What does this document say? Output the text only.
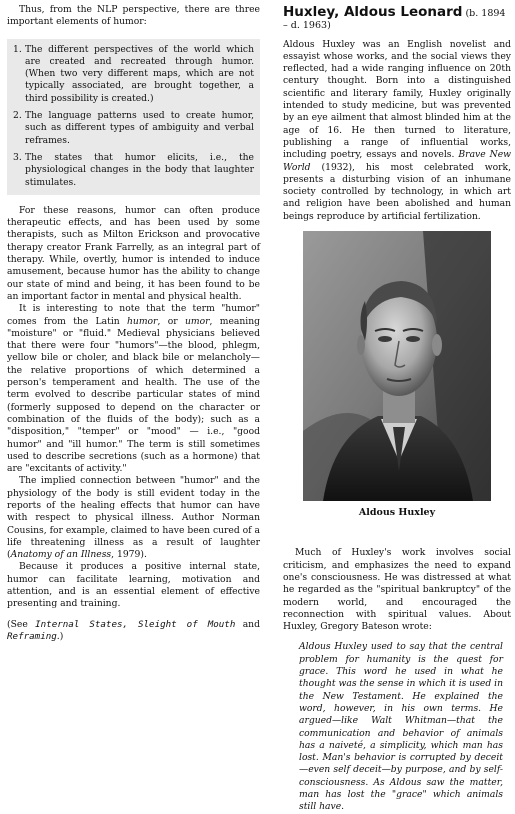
Thus, from the NLP perspective, there are three important elements of humor:

1. The different perspectives of the world which are created and recreated through humor. (When two very different maps, which are not typically associated, are brought together, a third possibility is created.)
2. The language patterns used to create humor, such as different types of ambiguity and verbal reframes.
3. The states that humor elicits, i.e., the physiological changes in the body that laughter stimulates.

For these reasons, humor can often produce therapeutic effects, and has been used by some therapists, such as Milton Erickson and provocative therapy creator Frank Farrelly, as an integral part of therapy. While, overtly, humor is intended to induce amusement, because humor has the ability to change our state of mind and being, it has been found to be an important factor in mental and physical health.

It is interesting to note that the term "humor" comes from the Latin humor, or umor, meaning "moisture" or "fluid." Medieval physicians believed that there were four "humors"—the blood, phlegm, yellow bile or choler, and black bile or melancholy—the relative proportions of which determined a person's temperament and health. The use of the term evolved to describe particular states of mind (formerly supposed to depend on the character or combination of the fluids of the body); such as a "disposition," "temper" or "mood" — i.e., "good humor" and "ill humor." The term is still sometimes used to describe secretions (such as a hormone) that are "excitants of activity."

The implied connection between "humor" and the physiology of the body is still evident today in the reports of the healing effects that humor can have with respect to physical illness. Author Norman Cousins, for example, claimed to have been cured of a life threatening illness as a result of laughter (Anatomy of an Illness, 1979).

Because it produces a positive internal state, humor can facilitate learning, motivation and attention, and is an essential element of effective presenting and training.

(See Internal States, Sleight of Mouth and Reframing.)

Huxley, Aldous Leonard (b. 1894 – d. 1963)

Aldous Huxley was an English novelist and essayist whose works, and the social views they reflected, had a wide ranging influence on 20th century thought. Born into a distinguished scientific and literary family, Huxley originally intended to study medicine, but was prevented by an eye ailment that almost blinded him at the age of 16. He then turned to literature, publishing a range of influential works, including poetry, essays and novels. Brave New World (1932), his most celebrated work, presents a disturbing vision of an inhumane society controlled by technology, in which art and religion have been abolished and human beings reproduce by artificial fertilization.

Aldous Huxley

Much of Huxley's work involves social criticism, and emphasizes the need to expand one's consciousness. He was distressed at what he regarded as the "spiritual bankruptcy" of the modern world, and encouraged the reconnection with spiritual values. About Huxley, Gregory Bateson wrote:

Aldous Huxley used to say that the central problem for humanity is the quest for grace. This word he used in what he thought was the sense in which it is used in the New Testament. He explained the word, however, in his own terms. He argued—like Walt Whitman—that the communication and behavior of animals has a naiveté, a simplicity, which man has lost. Man's behavior is corrupted by deceit—even self deceit—by purpose, and by self-consciousness. As Aldous saw the matter, man has lost the "grace" which animals still have.
